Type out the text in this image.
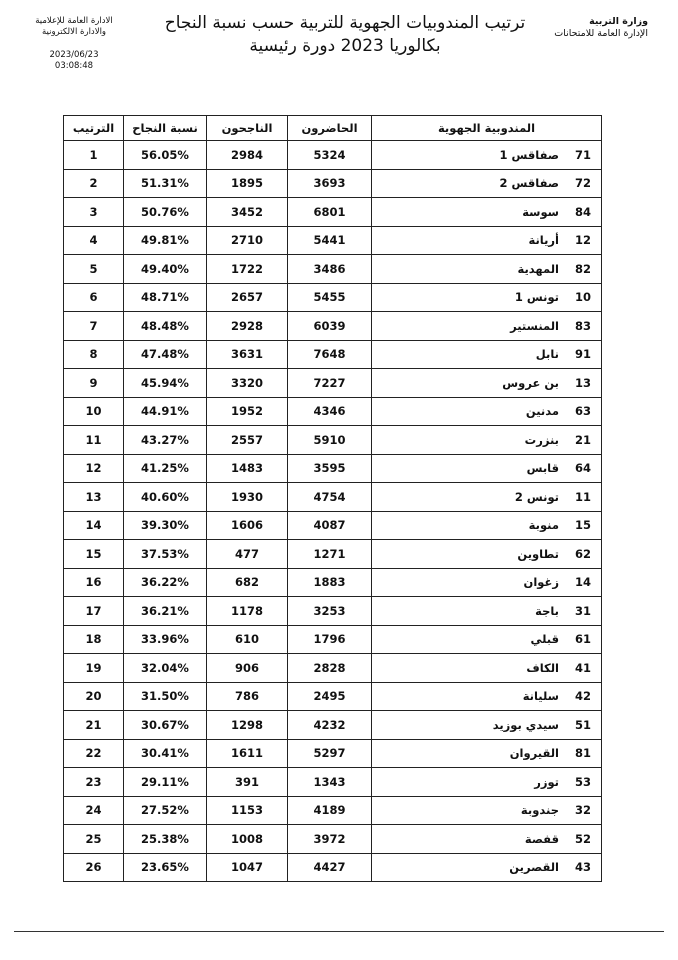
وزارة التربية
الإدارة العامة للامتحانات
ترتيب المندوبيات الجهوية للتربية حسب نسبة النجاح
بكالوريا 2023 دورة رئيسية
الادارة العامة للإعلامية
والادارة الالكترونية
2023/06/23
03:08:48
المندوبية الجهوية	الحاضرون	الناجحون	نسبة النجاح	الترتيب
71صفاقس 1	5324	2984	56.05%	1
72صفاقس 2	3693	1895	51.31%	2
84سوسة	6801	3452	50.76%	3
12أريانة	5441	2710	49.81%	4
82المهدية	3486	1722	49.40%	5
10تونس 1	5455	2657	48.71%	6
83المنستير	6039	2928	48.48%	7
91نابل	7648	3631	47.48%	8
13بن عروس	7227	3320	45.94%	9
63مدنين	4346	1952	44.91%	10
21بنزرت	5910	2557	43.27%	11
64قابس	3595	1483	41.25%	12
11تونس 2	4754	1930	40.60%	13
15منوبة	4087	1606	39.30%	14
62تطاوين	1271	477	37.53%	15
14زغوان	1883	682	36.22%	16
31باجة	3253	1178	36.21%	17
61قبلي	1796	610	33.96%	18
41الكاف	2828	906	32.04%	19
42سليانة	2495	786	31.50%	20
51سيدي بوزيد	4232	1298	30.67%	21
81القيروان	5297	1611	30.41%	22
53توزر	1343	391	29.11%	23
32جندوبة	4189	1153	27.52%	24
52قفصة	3972	1008	25.38%	25
43القصرين	4427	1047	23.65%	26
